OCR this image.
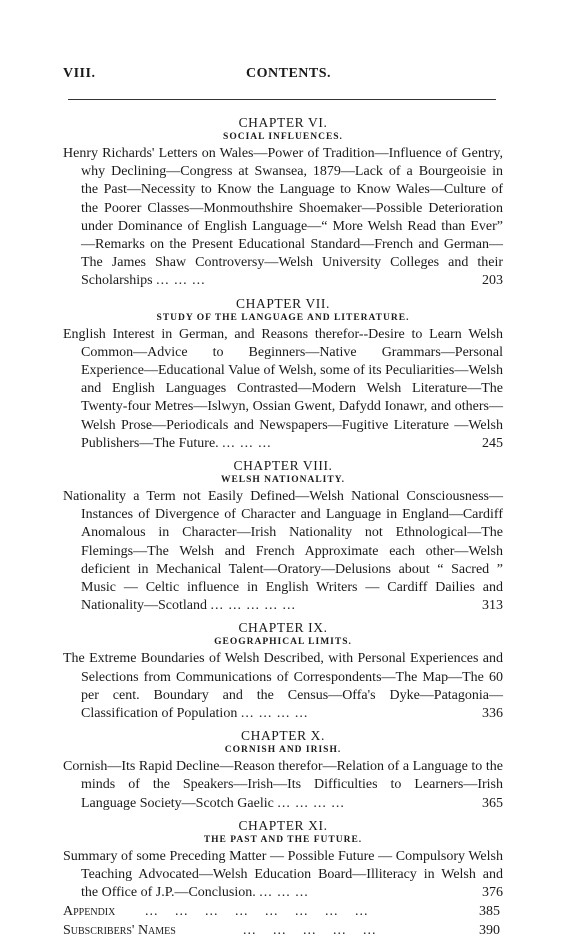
VIII.	CONTENTS.
CHAPTER VI.
SOCIAL INFLUENCES.
Henry Richards' Letters on Wales—Power of Tradition—Influence of Gentry, why Declining—Congress at Swansea, 1879—Lack of a Bourgeoisie in the Past—Necessity to Know the Language to Know Wales—Culture of the Poorer Classes—Monmouthshire Shoemaker—Possible Deterioration under Dominance of English Language—“ More Welsh Read than Ever” —Remarks on the Present Educational Standard—French and German—The James Shaw Controversy—Welsh University Colleges and their Scholarships ... ... ...	203
CHAPTER VII.
STUDY OF THE LANGUAGE AND LITERATURE.
English Interest in German, and Reasons therefor--Desire to Learn Welsh Common—Advice to Beginners—Native Grammars—Personal Experience—Educational Value of Welsh, some of its Peculiarities—Welsh and English Languages Contrasted—Modern Welsh Literature—The Twenty-four Metres—Islwyn, Ossian Gwent, Dafydd Ionawr, and others—Welsh Prose—Periodicals and Newspapers—Fugitive Literature —Welsh Publishers—The Future. ... ... ...	245
CHAPTER VIII.
WELSH NATIONALITY.
Nationality a Term not Easily Defined—Welsh National Consciousness—Instances of Divergence of Character and Language in England—Cardiff Anomalous in Character—Irish Nationality not Ethnological—The Flemings—The Welsh and French Approximate each other—Welsh deficient in Mechanical Talent—Oratory—Delusions about “ Sacred ” Music — Celtic influence in English Writers — Cardiff Dailies and Nationality—Scotland ... ... ... ... ...	313
CHAPTER IX.
GEOGRAPHICAL LIMITS.
The Extreme Boundaries of Welsh Described, with Personal Experiences and Selections from Communications of Correspondents—The Map—The 60 per cent. Boundary and the Census—Offa's Dyke—Patagonia—Classification of Population ... ... ... ...	336
CHAPTER X.
CORNISH AND IRISH.
Cornish—Its Rapid Decline—Reason therefor—Relation of a Language to the minds of the Speakers—Irish—Its Difficulties to Learners—Irish Language Society—Scotch Gaelic ... ... ... ...	365
CHAPTER XI.
THE PAST AND THE FUTURE.
Summary of some Preceding Matter — Possible Future — Compulsory Welsh Teaching Advocated—Welsh Education Board—Illiteracy in Welsh and the Office of J.P.—Conclusion. ... ... ...	376
Appendix ... ... ... ... ... ... ... ...	385
Subscribers' Names	... ... ... ... ...	390
